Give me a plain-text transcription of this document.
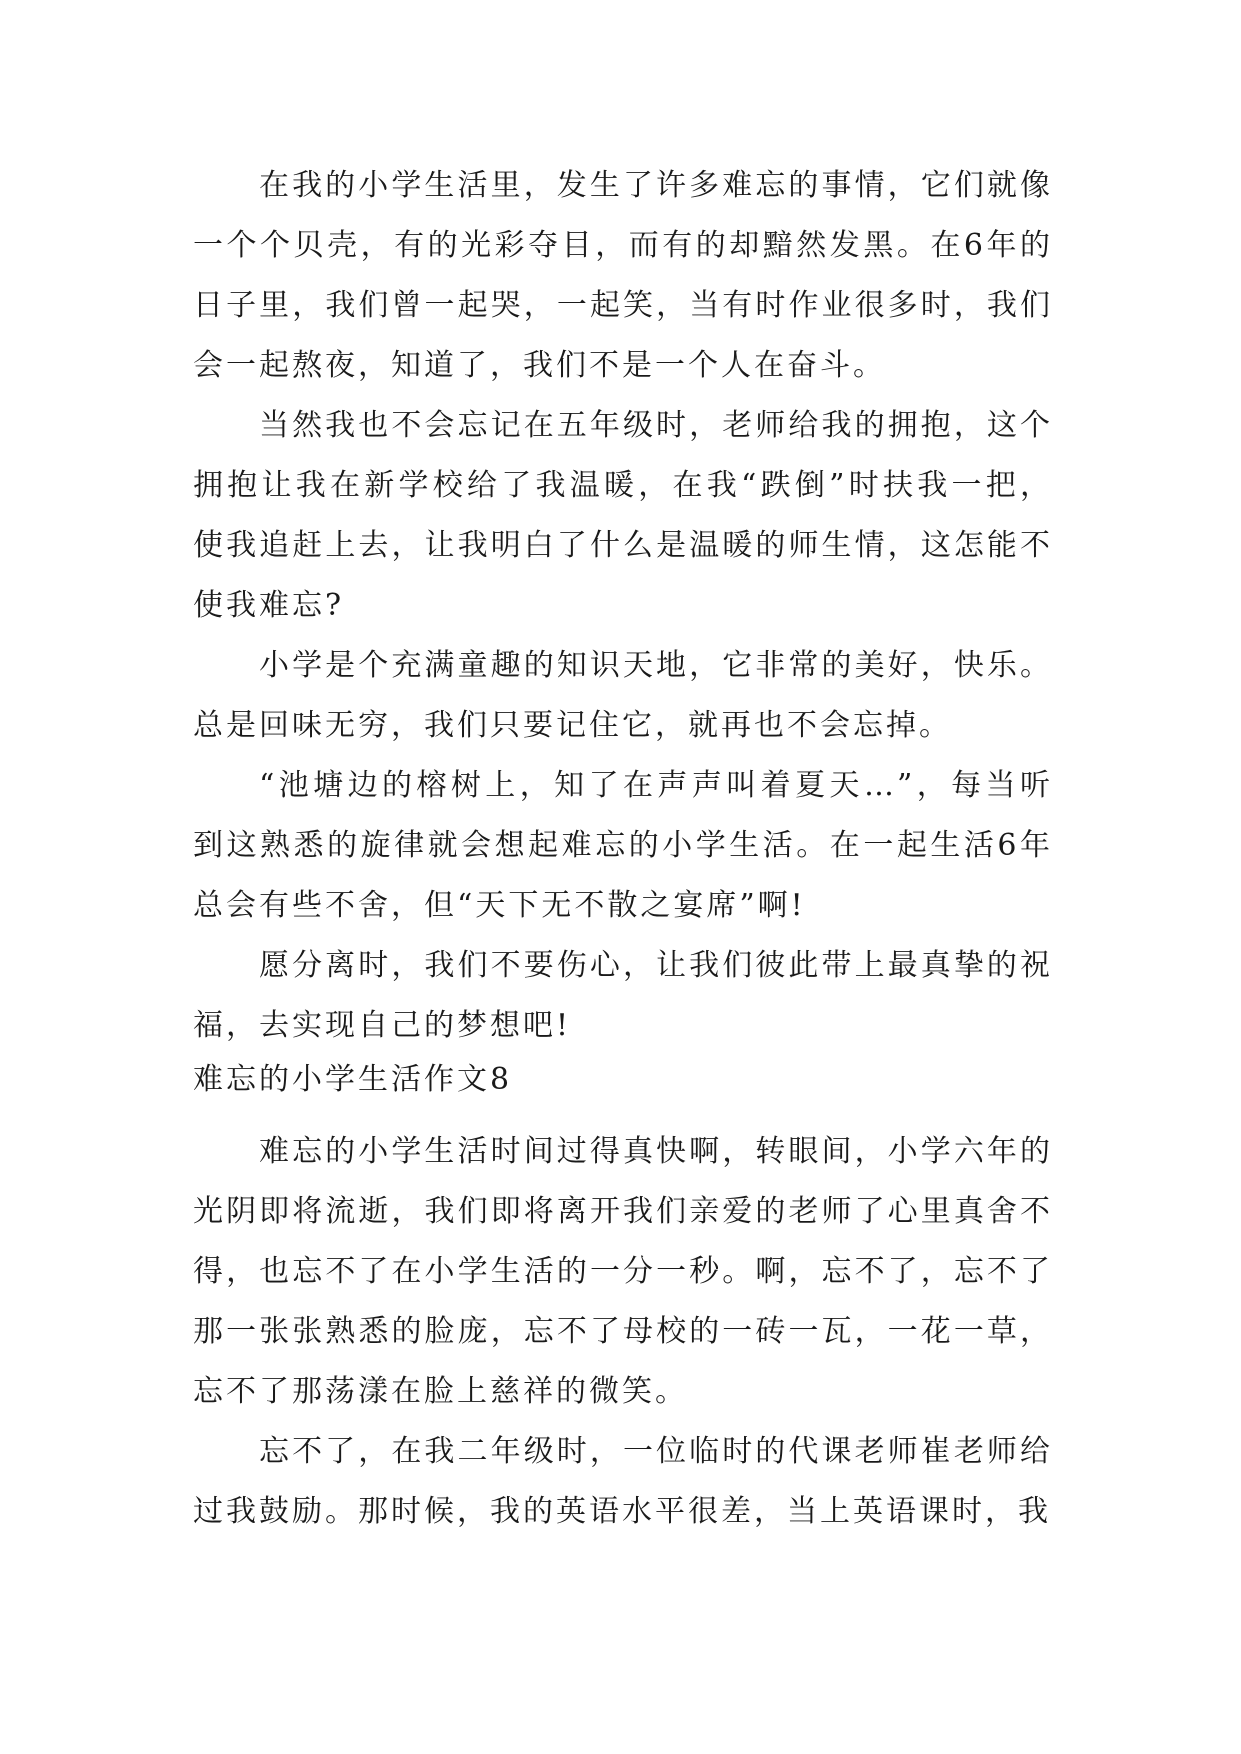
在我的小学生活里，发生了许多难忘的事情，它们就像一个个贝壳，有的光彩夺目，而有的却黯然发黑。在6年的日子里，我们曾一起哭，一起笑，当有时作业很多时，我们会一起熬夜，知道了，我们不是一个人在奋斗。

当然我也不会忘记在五年级时，老师给我的拥抱，这个拥抱让我在新学校给了我温暖，在我“跌倒”时扶我一把，使我追赶上去，让我明白了什么是温暖的师生情，这怎能不使我难忘?

小学是个充满童趣的知识天地，它非常的美好，快乐。总是回味无穷，我们只要记住它，就再也不会忘掉。

“池塘边的榕树上，知了在声声叫着夏天…”，每当听到这熟悉的旋律就会想起难忘的小学生活。在一起生活6年总会有些不舍，但“天下无不散之宴席”啊!

愿分离时，我们不要伤心，让我们彼此带上最真挚的祝福，去实现自己的梦想吧!

难忘的小学生活作文8

难忘的小学生活时间过得真快啊，转眼间，小学六年的光阴即将流逝，我们即将离开我们亲爱的老师了心里真舍不得，也忘不了在小学生活的一分一秒。啊，忘不了，忘不了那一张张熟悉的脸庞，忘不了母校的一砖一瓦，一花一草，忘不了那荡漾在脸上慈祥的微笑。

忘不了，在我二年级时，一位临时的代课老师崔老师给过我鼓励。那时候，我的英语水平很差，当上英语课时，我
